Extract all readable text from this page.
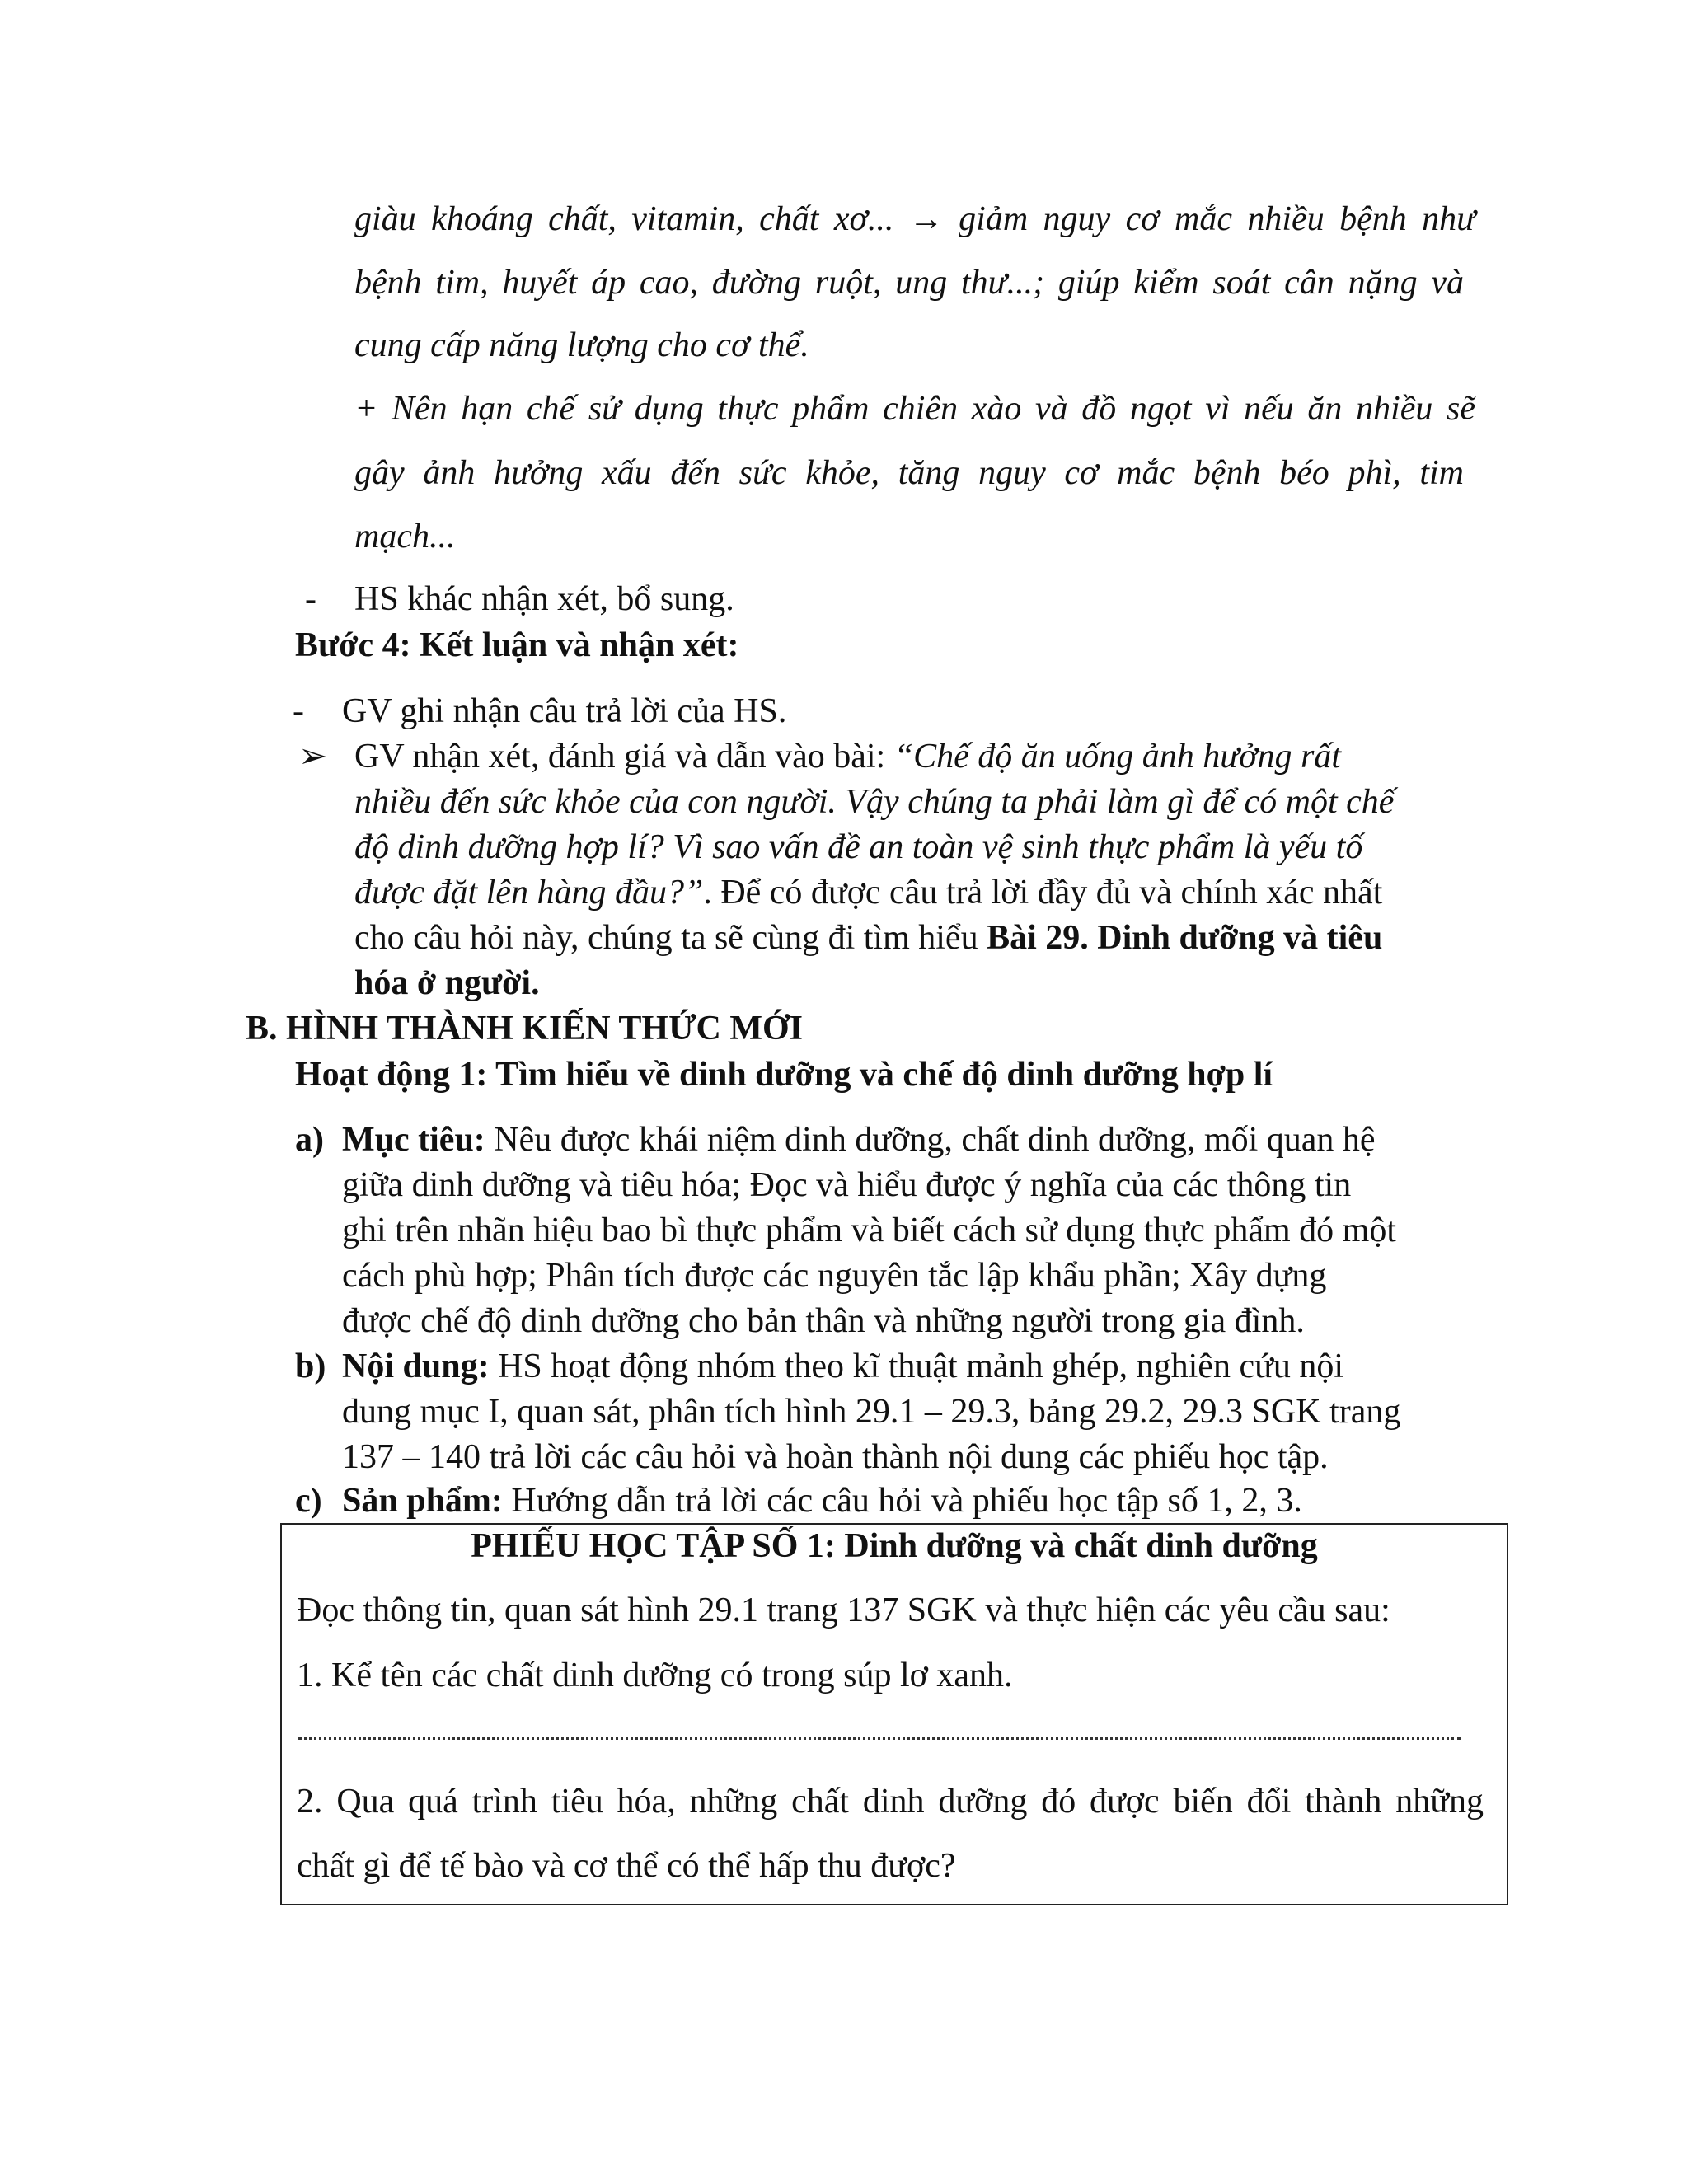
giàu khoáng chất, vitamin, chất xơ... → giảm nguy cơ mắc nhiều bệnh như
bệnh tim, huyết áp cao, đường ruột, ung thư...; giúp kiểm soát cân nặng và
cung cấp năng lượng cho cơ thể.
+ Nên hạn chế sử dụng thực phẩm chiên xào và đồ ngọt vì nếu ăn nhiều sẽ
gây ảnh hưởng xấu đến sức khỏe, tăng nguy cơ mắc bệnh béo phì, tim
mạch...
- HS khác nhận xét, bổ sung.
Bước 4: Kết luận và nhận xét:
- GV ghi nhận câu trả lời của HS.
➢ GV nhận xét, đánh giá và dẫn vào bài: “Chế độ ăn uống ảnh hưởng rất
nhiều đến sức khỏe của con người. Vậy chúng ta phải làm gì để có một chế
độ dinh dưỡng hợp lí? Vì sao vấn đề an toàn vệ sinh thực phẩm là yếu tố
được đặt lên hàng đầu?”. Để có được câu trả lời đầy đủ và chính xác nhất
cho câu hỏi này, chúng ta sẽ cùng đi tìm hiểu Bài 29. Dinh dưỡng và tiêu
hóa ở người.
B. HÌNH THÀNH KIẾN THỨC MỚI
Hoạt động 1: Tìm hiểu về dinh dưỡng và chế độ dinh dưỡng hợp lí
a) Mục tiêu: Nêu được khái niệm dinh dưỡng, chất dinh dưỡng, mối quan hệ
giữa dinh dưỡng và tiêu hóa; Đọc và hiểu được ý nghĩa của các thông tin
ghi trên nhãn hiệu bao bì thực phẩm và biết cách sử dụng thực phẩm đó một
cách phù hợp; Phân tích được các nguyên tắc lập khẩu phần; Xây dựng
được chế độ dinh dưỡng cho bản thân và những người trong gia đình.
b) Nội dung: HS hoạt động nhóm theo kĩ thuật mảnh ghép, nghiên cứu nội
dung mục I, quan sát, phân tích hình 29.1 – 29.3, bảng 29.2, 29.3 SGK trang
137 – 140 trả lời các câu hỏi và hoàn thành nội dung các phiếu học tập.
c) Sản phẩm: Hướng dẫn trả lời các câu hỏi và phiếu học tập số 1, 2, 3.
PHIẾU HỌC TẬP SỐ 1: Dinh dưỡng và chất dinh dưỡng
Đọc thông tin, quan sát hình 29.1 trang 137 SGK và thực hiện các yêu cầu sau:
1. Kể tên các chất dinh dưỡng có trong súp lơ xanh.
2. Qua quá trình tiêu hóa, những chất dinh dưỡng đó được biến đổi thành những
chất gì để tế bào và cơ thể có thể hấp thu được?
